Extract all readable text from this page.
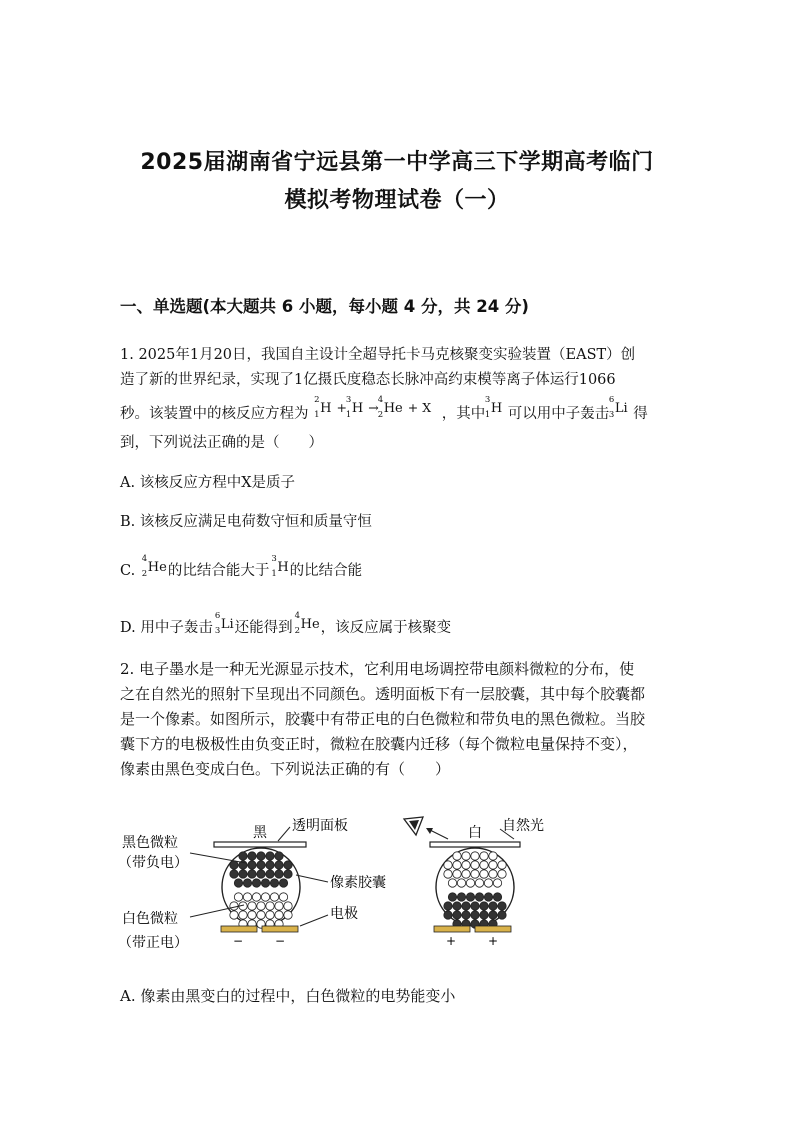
2025届湖南省宁远县第一中学高三下学期高考临门
模拟考物理试卷（一）
一、单选题(本大题共 6 小题，每小题 4 分，共 24 分)
1. 2025年1月20日，我国自主设计全超导托卡马克核聚变实验装置（EAST）创
造了新的世界纪录，实现了1亿摄氏度稳态长脉冲高约束模等离子体运行1066
秒。该装置中的核反应方程为
2
1 H +
3
1 H →
4
2 He + X ，其中
3
1 H 可以用中子轰击
6
3 Li 得
到，下列说法正确的是（　　）
A. 该核反应方程中X是质子
B. 该核反应满足电荷数守恒和质量守恒
C.
4
2 He的比结合能大于
3
1 H的比结合能
D. 用中子轰击
6
3 Li还能得到
4
2 He，该反应属于核聚变
2. 电子墨水是一种无光源显示技术，它利用电场调控带电颜料微粒的分布，使
之在自然光的照射下呈现出不同颜色。透明面板下有一层胶囊，其中每个胶囊都
是一个像素。如图所示，胶囊中有带正电的白色微粒和带负电的黑色微粒。当胶
囊下方的电极极性由负变正时，微粒在胶囊内迁移（每个微粒电量保持不变），
像素由黑色变成白色。下列说法正确的有（　　）
黑
−	−
黑色微粒
（带负电）
白色微粒
（带正电）
透明面板
像素胶囊
电极
白
+	+
自然光
A. 像素由黑变白的过程中，白色微粒的电势能变小
